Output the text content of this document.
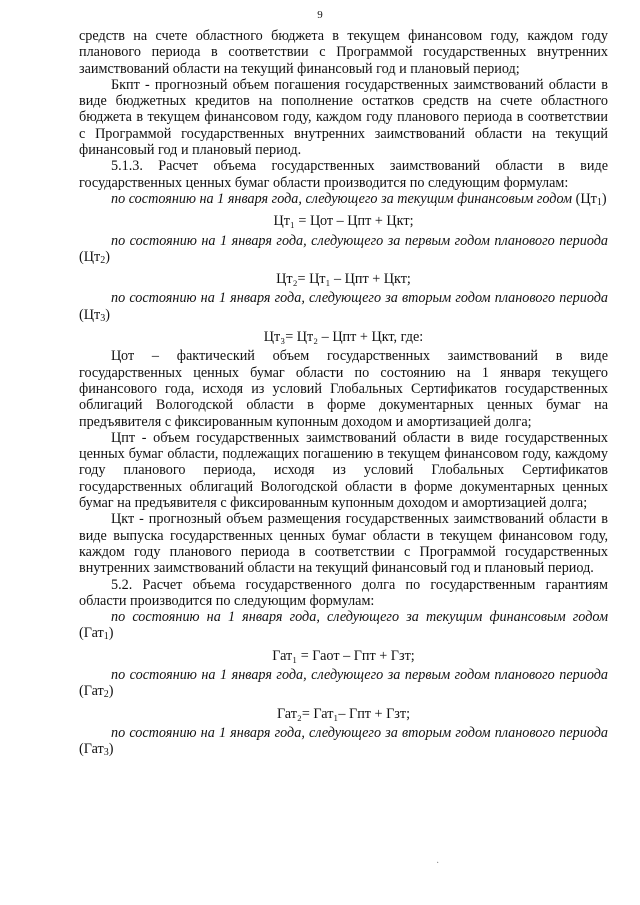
9

средств на счете областного бюджета в текущем финансовом году, каждом году планового периода в соответствии с Программой государственных внутренних заимствований области на текущий финансовый год и плановый период;

Бкпт - прогнозный объем погашения государственных заимствований области в виде бюджетных кредитов на пополнение остатков средств на счете областного бюджета в текущем финансовом году, каждом году планового периода в соответствии с Программой государственных внутренних заимствований области на текущий финансовый год и плановый период.

5.1.3. Расчет объема государственных заимствований области в виде государственных ценных бумаг области производится по следующим формулам:

по состоянию на 1 января года, следующего за текущим финансовым годом $(Цт_1)$

Цт₁ = Цот – Цпт + Цкт;

по состоянию на 1 января года, следующего за первым годом планового периода $(Цт_2)$

Цт₂= Цт₁ – Цпт + Цкт;

по состоянию на 1 января года, следующего за вторым годом планового периода $(Цт_3)$

Цт₃= Цт₂ – Цпт + Цкт, где:

Цот – фактический объем государственных заимствований в виде государственных ценных бумаг области по состоянию на 1 января текущего финансового года, исходя из условий Глобальных Сертификатов государственных облигаций Вологодской области в форме документарных ценных бумаг на предъявителя с фиксированным купонным доходом и амортизацией долга;

Цпт - объем государственных заимствований области в виде государственных ценных бумаг области, подлежащих погашению в текущем финансовом году, каждому году планового периода, исходя из условий Глобальных Сертификатов государственных облигаций Вологодской области в форме документарных ценных бумаг на предъявителя с фиксированным купонным доходом и амортизацией долга;

Цкт - прогнозный объем размещения государственных заимствований области в виде выпуска государственных ценных бумаг области в текущем финансовом году, каждом году планового периода в соответствии с Программой государственных внутренних заимствований области на текущий финансовый год и плановый период.

5.2. Расчет объема государственного долга по государственным гарантиям области производится по следующим формулам:

по состоянию на 1 января года, следующего за текущим финансовым годом (Гат$_1$)

Гат₁ = Гаот – Гпт + Гзт;

по состоянию на 1 января года, следующего за первым годом планового периода (Гат$_2$)

Гат₂= Гат₁– Гпт + Гзт;

по состоянию на 1 января года, следующего за вторым годом планового периода (Гат$_3$)

·
